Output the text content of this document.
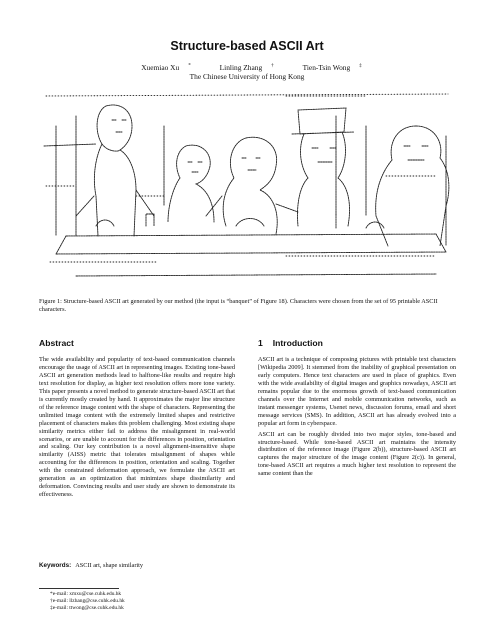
Structure-based ASCII Art
Xuemiao Xu *	Linling Zhang †	Tien-Tsin Wong ‡
The Chinese University of Hong Kong
Figure 1: Structure-based ASCII art generated by our method (the input is “banquet” of Figure 18). Characters were chosen from the set of 95 printable ASCII characters.
Abstract	1 Introduction

The wide availability and popularity of text-based communication channels encourage the usage of ASCII art in representing images. Existing tone-based ASCII art generation methods lead to halftone-like results and require high text resolution for display, as higher text resolution offers more tone variety. This paper presents a novel method to generate structure-based ASCII art that is currently mostly created by hand. It approximates the major line structure of the reference image content with the shape of characters. Representing the unlimited image content with the extremely limited shapes and restrictive placement of characters makes this problem challenging. Most existing shape similarity metrics either fail to address the misalignment in real-world scenarios, or are unable to account for the differences in position, orientation and scaling. Our key contribution is a novel alignment-insensitive shape similarity (AISS) metric that tolerates misalignment of shapes while accounting for the differences in position, orientation and scaling. Together with the constrained deformation approach, we formulate the ASCII art generation as an optimization that minimizes shape dissimilarity and deformation. Convincing results and user study are shown to demonstrate its effectiveness.

ASCII art is a technique of composing pictures with printable text characters [Wikipedia 2009]. It stemmed from the inability of graphical presentation on early computers. Hence text characters are used in place of graphics. Even with the wide availability of digital images and graphics nowadays, ASCII art remains popular due to the enormous growth of text-based communication channels over the Internet and mobile communication networks, such as instant messenger systems, Usenet news, discussion forums, email and short message services (SMS). In addition, ASCII art has already evolved into a popular art form in cyberspace.

ASCII art can be roughly divided into two major styles, tone-based and structure-based. While tone-based ASCII art maintains the intensity distribution of the reference image (Figure 2(b)), structure-based ASCII art captures the major structure of the image content (Figure 2(c)). In general, tone-based ASCII art requires a much higher text resolution to represent the same content than the

Keywords: ASCII art, shape similarity
*e-mail: xmxu@cse.cuhk.edu.hk
†e-mail: llzhang@cse.cuhk.edu.hk
‡e-mail: ttwong@cse.cuhk.edu.hk
